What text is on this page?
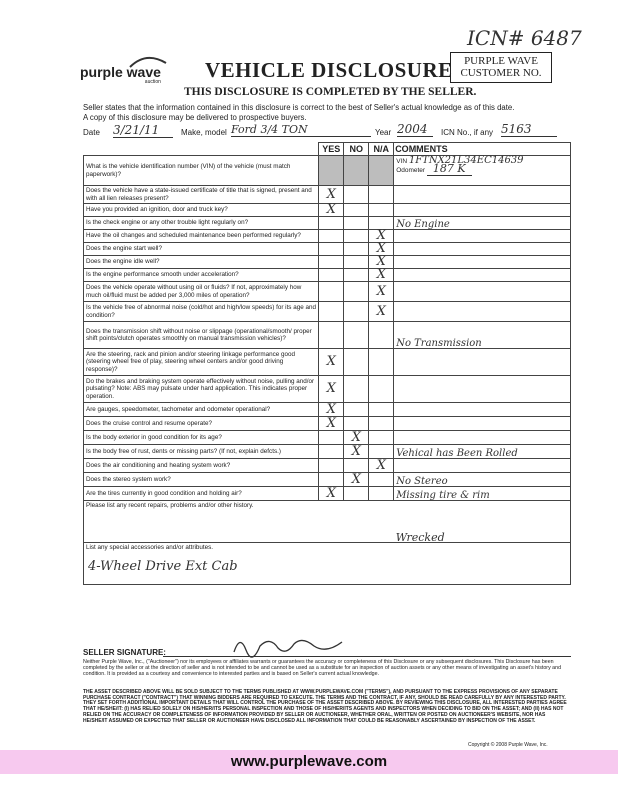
ICN# 6487
purple wave
auction VEHICLE DISCLOSURE	PURPLE WAVE CUSTOMER NO.
THIS DISCLOSURE IS COMPLETED BY THE SELLER.
Seller states that the information contained in this disclosure is correct to the best of Seller's actual knowledge as of this date.
A copy of this disclosure may be delivered to prospective buyers.
Date 3/21/11	Make, model Ford 3/4 TON	Year 2004	ICN No., if any 5163
	YES	NO	N/A	COMMENTS
What is the vehicle identification number (VIN) of the vehicle (must match paperwork)?				VIN 1FTNX21L34EC14639
Odometer 187 K

Does the vehicle have a state-issued certificate of title that is signed, present and with all lien releases present?	X			
Have you provided an ignition, door and truck key?	X			
Is the check engine or any other trouble light regularly on?				No Engine
Have the oil changes and scheduled maintenance been performed regularly?			X	
Does the engine start well?			X	
Does the engine idle well?			X	
Is the engine performance smooth under acceleration?			X	
Does the vehicle operate without using oil or fluids? If not, approximately how much oil/fluid must be added per 3,000 miles of operation?			X	
Is the vehicle free of abnormal noise (cold/hot and high/low speeds) for its age and condition?			X	
Does the transmission shift without noise or slippage (operational/smooth/ proper shift points/clutch operates smoothly on manual transmission vehicles)?				No Transmission
Are the steering, rack and pinion and/or steering linkage performance good (steering wheel free of play, steering wheel centers and/or good driving response)?	X			
Do the brakes and braking system operate effectively without noise, pulling and/or pulsating? Note: ABS may pulsate under hard application. This indicates proper operation.	X			
Are gauges, speedometer, tachometer and odometer operational?	X			
Does the cruise control and resume operate?	X			
Is the body exterior in good condition for its age?		X		
Is the body free of rust, dents or missing parts? (If not, explain defcts.)		X		Vehical has Been Rolled
Does the air conditioning and heating system work?			X	
Does the stereo system work?		X		No Stereo
Are the tires currently in good condition and holding air?	X			Missing tire & rim
Please list any recent repairs, problems and/or other history.				Wrecked

List any special accessories and/or attributes.
4-Wheel Drive Ext Cab				
SELLER SIGNATURE:
Neither Purple Wave, Inc., ("Auctioneer") nor its employees or affiliates warrants or guarantees the accuracy or completeness of this Disclosure or any subsequent disclosures. This Disclosure has been completed by the seller or at the direction of seller and is not intended to be and cannot be used as a substitute for an inspection of auction assets or any other means of investigating an asset's history and condition. It is provided as a courtesy and convenience to interested parties and is based on Seller's current actual knowledge.
THE ASSET DESCRIBED ABOVE WILL BE SOLD SUBJECT TO THE TERMS PUBLISHED AT WWW.PURPLEWAVE.COM ("TERMS"), AND PURSUANT TO THE EXPRESS PROVISIONS OF ANY SEPARATE PURCHASE CONTRACT ("CONTRACT") THAT WINNING BIDDERS ARE REQUIRED TO EXECUTE. THE TERMS AND THE CONTRACT, IF ANY, SHOULD BE READ CAREFULLY BY ANY INTERESTED PARTY. THEY SET FORTH ADDITIONAL IMPORTANT DETAILS THAT WILL CONTROL THE PURCHASE OF THE ASSET DESCRIBED ABOVE. BY REVIEWING THIS DISCLOSURE, ALL INTERESTED PARTIES AGREE THAT HE/SHE/IT: (I) HAS RELIED SOLELY ON HIS/HER/ITS PERSONAL INSPECTION AND THOSE OF HIS/HER/ITS AGENTS AND INSPECTORS WHEN DECIDING TO BID ON THE ASSET; AND (II) HAS NOT RELIED ON THE ACCURACY OR COMPLETENESS OF INFORMATION PROVIDED BY SELLER OR AUCTIONEER, WHETHER ORAL, WRITTEN OR POSTED ON AUCTIONEER'S WEBSITE, NOR HAS HE/SHE/IT ASSUMED OR EXPECTED THAT SELLER OR AUCTIONEER HAVE DISCLOSED ALL INFORMATION THAT COULD BE REASONABLY ASCERTAINED BY INSPECTION OF THE ASSET.
Copyright © 2008 Purple Wave, Inc.
www.purplewave.com
